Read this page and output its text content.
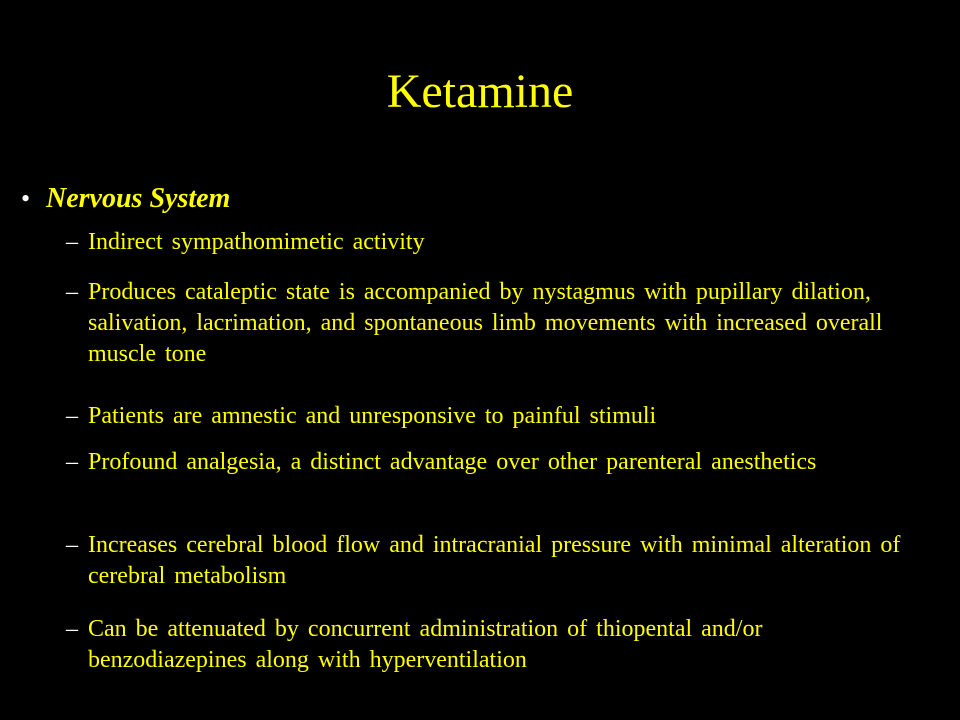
Ketamine
• Nervous System
– Indirect sympathomimetic activity
– Produces cataleptic state is accompanied by nystagmus with pupillary dilation, salivation, lacrimation, and spontaneous limb movements with increased overall muscle tone
– Patients are amnestic and unresponsive to painful stimuli
– Profound analgesia, a distinct advantage over other parenteral anesthetics
– Increases cerebral blood flow and intracranial pressure with minimal alteration of cerebral metabolism
– Can be attenuated by concurrent administration of thiopental and/or benzodiazepines along with hyperventilation
